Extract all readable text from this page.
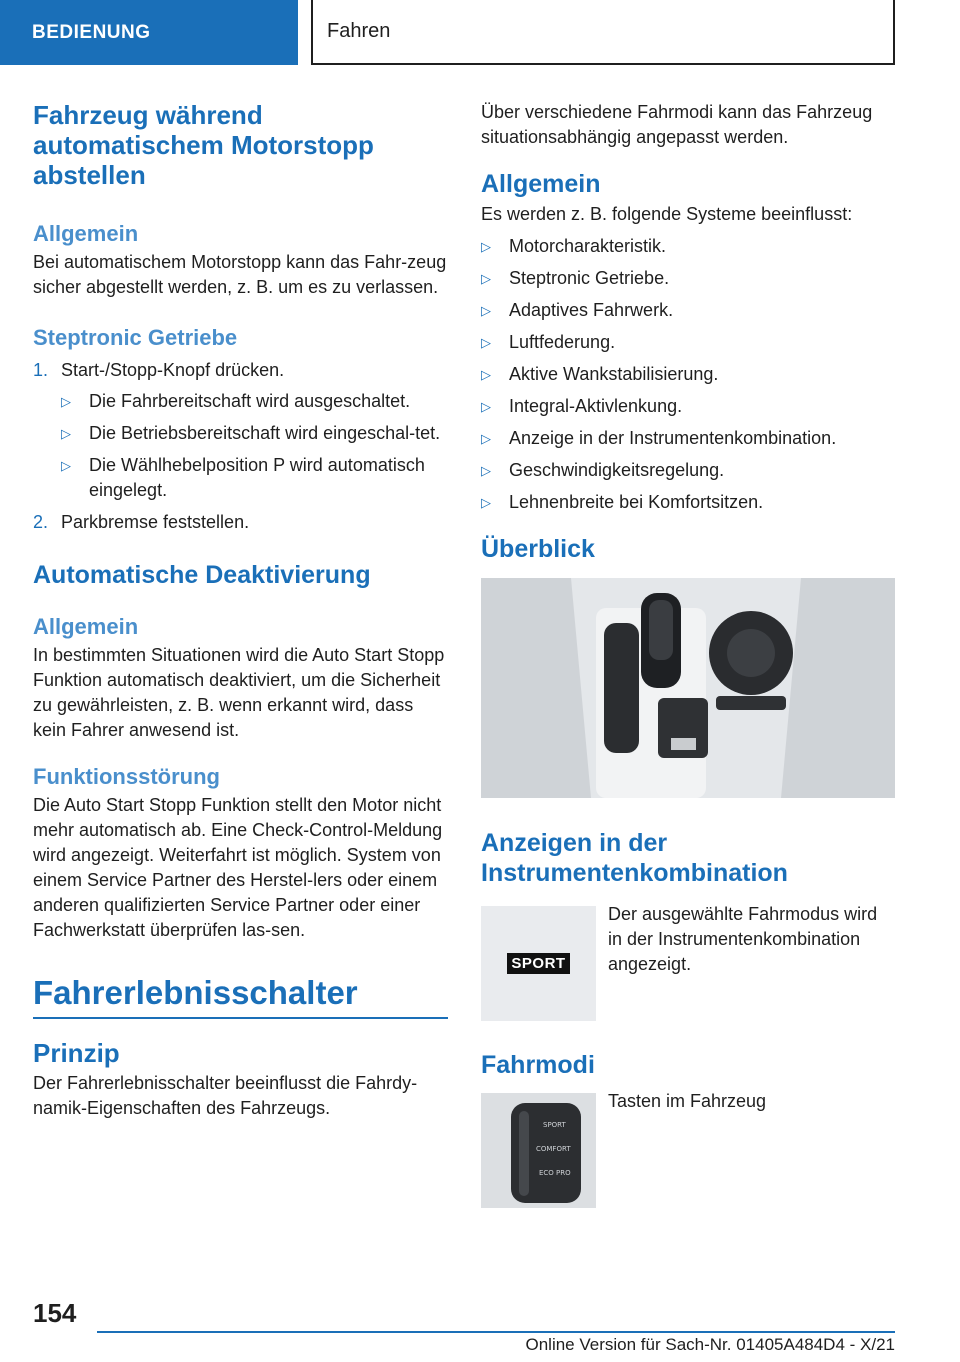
BEDIENUNG	Fahren
Fahrzeug während automatischem Motorstopp abstellen
Allgemein

Bei automatischem Motorstopp kann das Fahr-zeug sicher abgestellt werden, z. B. um es zu verlassen.

Steptronic Getriebe
1. Start-/Stopp-Knopf drücken.
▷	Die Fahrbereitschaft wird ausgeschaltet.
▷	Die Betriebsbereitschaft wird eingeschal-tet.
▷	Die Wählhebelposition P wird automatisch eingelegt.
2. Parkbremse feststellen.
Automatische Deaktivierung
Allgemein

In bestimmten Situationen wird die Auto Start Stopp Funktion automatisch deaktiviert, um die Sicherheit zu gewährleisten, z. B. wenn erkannt wird, dass kein Fahrer anwesend ist.

Funktionsstörung

Die Auto Start Stopp Funktion stellt den Motor nicht mehr automatisch ab. Eine Check-Control-Meldung wird angezeigt. Weiterfahrt ist möglich. System von einem Service Partner des Herstel-lers oder einem anderen qualifizierten Service Partner oder einer Fachwerkstatt überprüfen las-sen.

Fahrerlebnisschalter
Prinzip

Der Fahrerlebnisschalter beeinflusst die Fahrdy-namik-Eigenschaften des Fahrzeugs.

Über verschiedene Fahrmodi kann das Fahrzeug situationsabhängig angepasst werden.

Allgemein

Es werden z. B. folgende Systeme beeinflusst:

▷	Motorcharakteristik.
▷	Steptronic Getriebe.
▷	Adaptives Fahrwerk.
▷	Luftfederung.
▷	Aktive Wankstabilisierung.
▷	Integral-Aktivlenkung.
▷	Anzeige in der Instrumentenkombination.
▷	Geschwindigkeitsregelung.
▷	Lehnenbreite bei Komfortsitzen.
Überblick
Anzeigen in der Instrumentenkombination
SPORT

Der ausgewählte Fahrmodus wird in der Instrumentenkombination angezeigt.

Fahrmodi
SPORT
COMFORT
ECO PRO

Tasten im Fahrzeug

154
Online Version für Sach-Nr. 01405A484D4 - X/21
